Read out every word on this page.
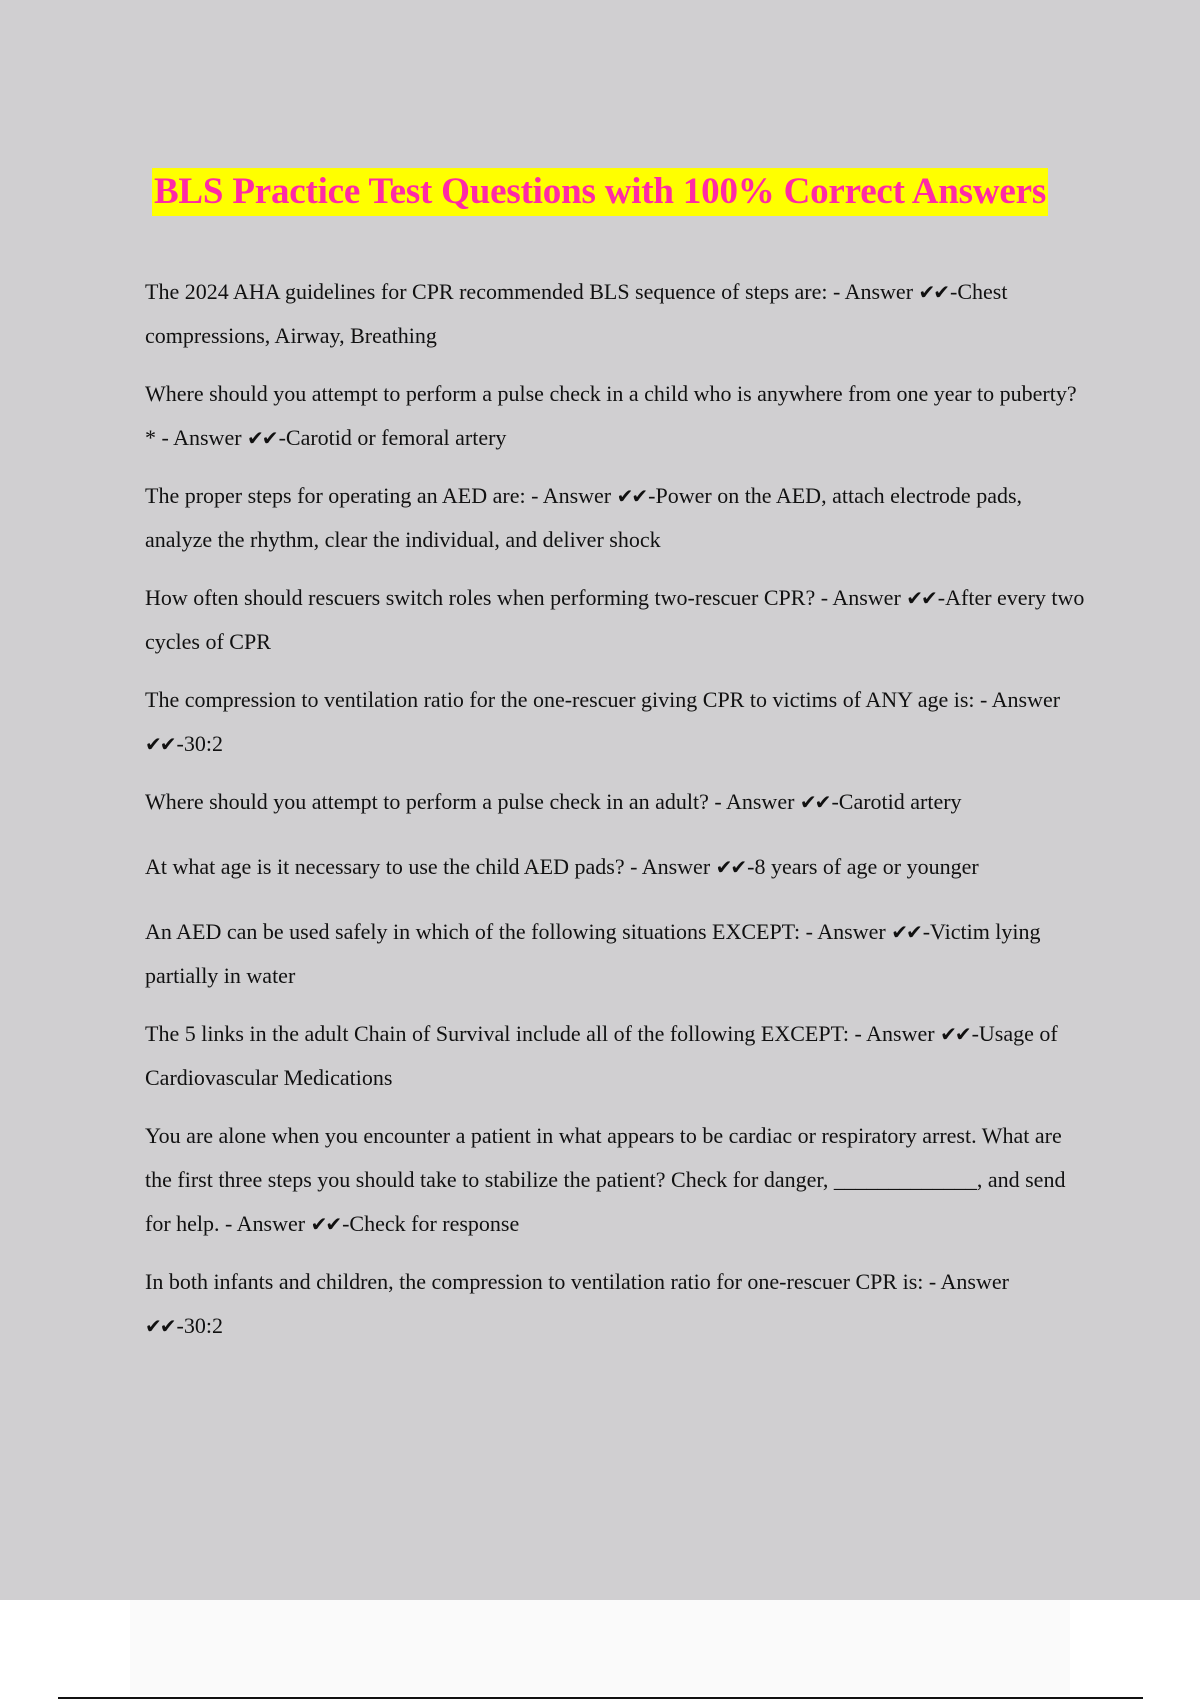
BLS Practice Test Questions with 100% Correct Answers
The 2024 AHA guidelines for CPR recommended BLS sequence of steps are: - Answer ✔✔-Chest compressions, Airway, Breathing
Where should you attempt to perform a pulse check in a child who is anywhere from one year to puberty?* - Answer ✔✔-Carotid or femoral artery
The proper steps for operating an AED are: - Answer ✔✔-Power on the AED, attach electrode pads, analyze the rhythm, clear the individual, and deliver shock
How often should rescuers switch roles when performing two-rescuer CPR? - Answer ✔✔-After every two cycles of CPR
The compression to ventilation ratio for the one-rescuer giving CPR to victims of ANY age is: - Answer ✔✔-30:2
Where should you attempt to perform a pulse check in an adult? - Answer ✔✔-Carotid artery
At what age is it necessary to use the child AED pads? - Answer ✔✔-8 years of age or younger
An AED can be used safely in which of the following situations EXCEPT: - Answer ✔✔-Victim lying partially in water
The 5 links in the adult Chain of Survival include all of the following EXCEPT: - Answer ✔✔-Usage of Cardiovascular Medications
You are alone when you encounter a patient in what appears to be cardiac or respiratory arrest. What are the first three steps you should take to stabilize the patient? Check for danger, _____________, and send for help. - Answer ✔✔-Check for response
In both infants and children, the compression to ventilation ratio for one-rescuer CPR is: - Answer ✔✔-30:2
